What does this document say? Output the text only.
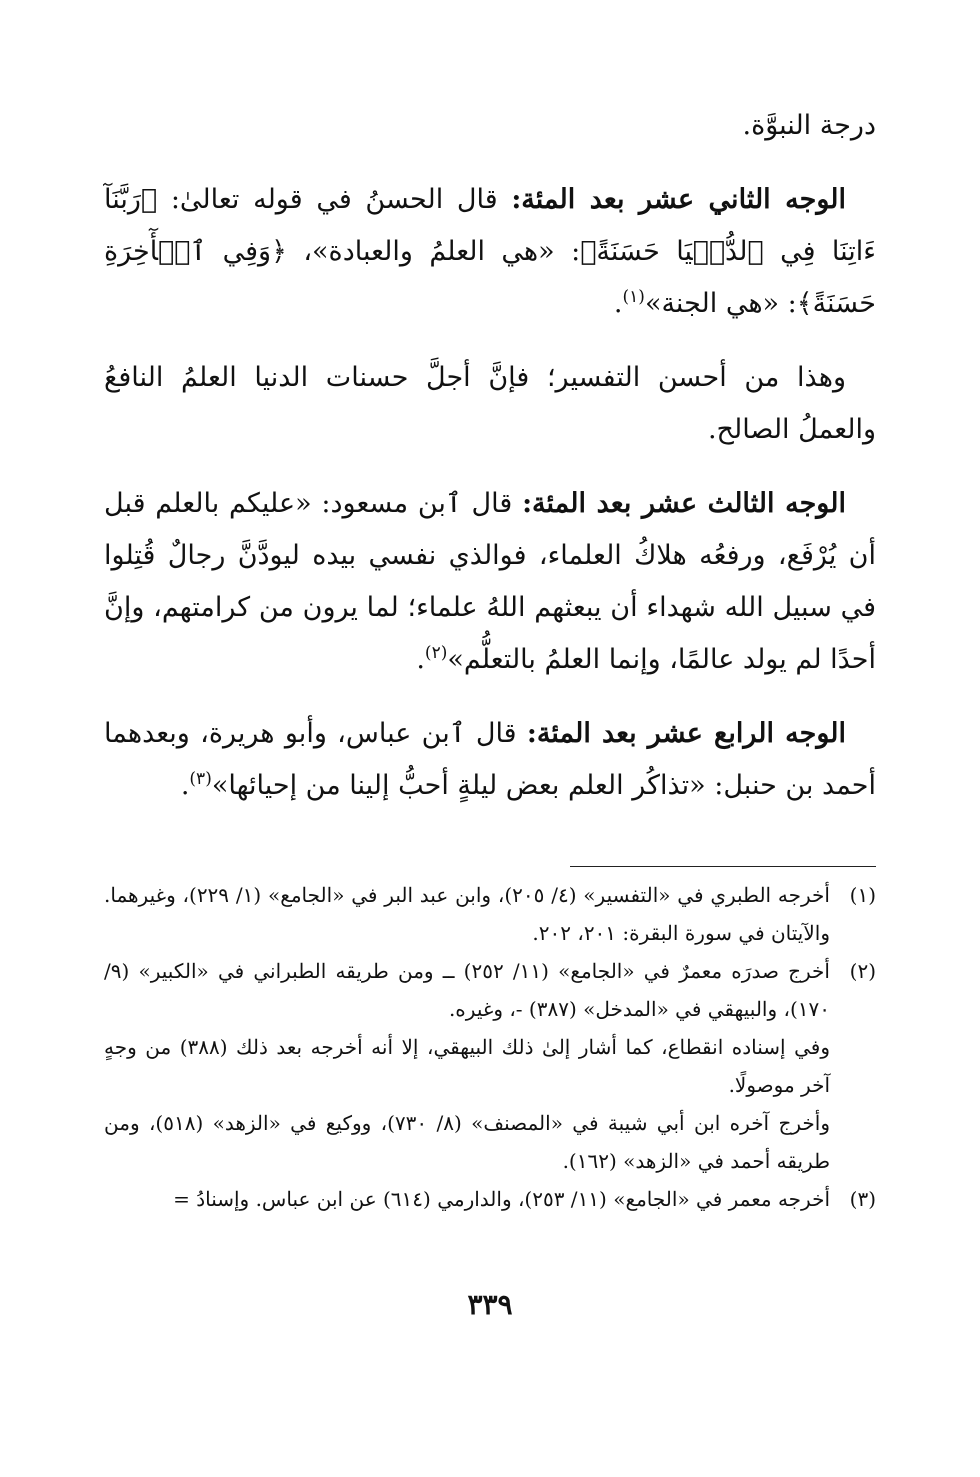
درجة النبوَّة.

الوجه الثاني عشر بعد المئة: قال الحسنُ في قوله تعالىٰ: ﴿رَبَّنَآ ءَاتِنَا فِي ٱلدُّنۡيَا حَسَنَةً﴾: «هي العلمُ والعبادة»، ﴿وَفِي ٱلۡأٓخِرَةِ حَسَنَةً﴾: «هي الجنة»$^{(١)}$.

وهذا من أحسن التفسير؛ فإنَّ أجلَّ حسنات الدنيا العلمُ النافعُ والعملُ الصالح.

الوجه الثالث عشر بعد المئة: قال ٱبن مسعود: «عليكم بالعلم قبل أن يُرْفَع، ورفعُه هلاكُ العلماء، فوالذي نفسي بيده ليودَّنَّ رجالٌ قُتِلوا في سبيل الله شهداء أن يبعثهم اللهُ علماء؛ لما يرون من كرامتهم، وإنَّ أحدًا لم يولد عالمًا، وإنما العلمُ بالتعلُّم»$^{(٢)}$.

الوجه الرابع عشر بعد المئة: قال ٱبن عباس، وأبو هريرة، وبعدهما أحمد بن حنبل: «تذاكُر العلم بعض ليلةٍ أحبُّ إلينا من إحيائها»$^{(٣)}$.

(١)

أخرجه الطبري في «التفسير» (٤/ ٢٠٥)، وابن عبد البر في «الجامع» (١/ ٢٢٩)، وغيرهما. والآيتان في سورة البقرة: ٢٠١، ٢٠٢.

(٢)

أخرج صدرَه معمرٌ في «الجامع» (١١/ ٢٥٢) ــ ومن طريقه الطبراني في «الكبير» (٩/ ١٧٠)، والبيهقي في «المدخل» (٣٨٧) -، وغيره.

وفي إسناده انقطاع، كما أشار إلىٰ ذلك البيهقي، إلا أنه أخرجه بعد ذلك (٣٨٨) من وجهٍ آخر موصولًا.

وأخرج آخره ابن أبي شيبة في «المصنف» (٨/ ٧٣٠)، ووكيع في «الزهد» (٥١٨)، ومن طريقه أحمد في «الزهد» (١٦٢).

(٣)

أخرجه معمر في «الجامع» (١١/ ٢٥٣)، والدارمي (٦١٤) عن ابن عباس. وإسنادُ =

٣٣٩
